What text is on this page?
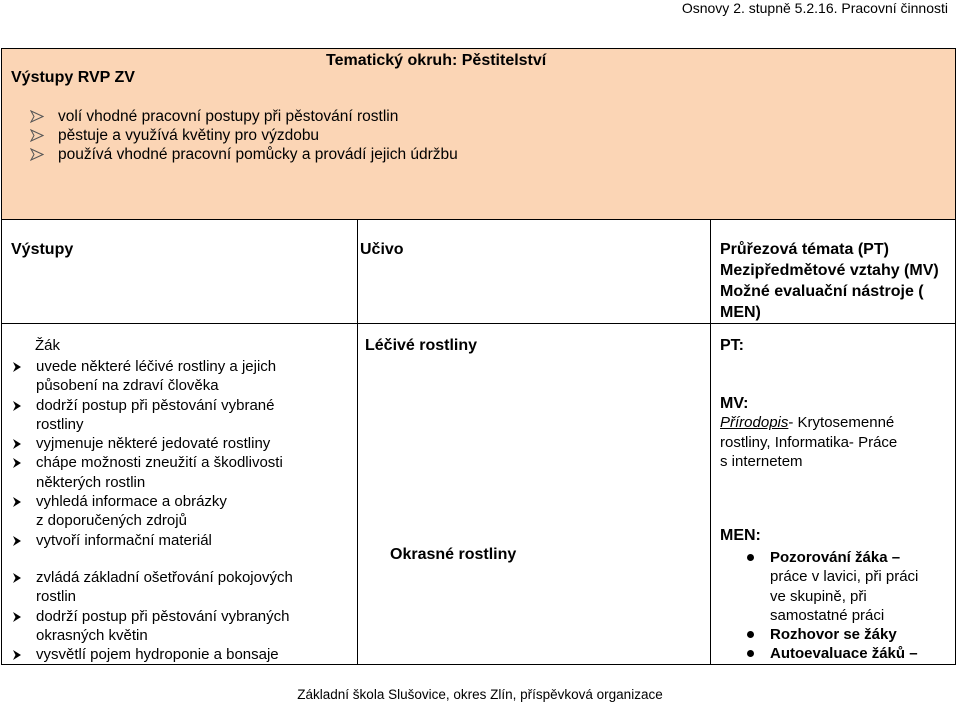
Osnovy 2. stupně 5.2.16. Pracovní činnosti
Výstupy RVP ZV
Tematický okruh: Pěstitelství
volí vhodné pracovní postupy při pěstování rostlin
pěstuje a využívá květiny pro výzdobu
používá vhodné pracovní pomůcky a provádí jejich údržbu
Výstupy	Učivo	Průřezová témata (PT)
Mezipředmětové vztahy (MV)
Možné evaluační nástroje (
MEN)
Žák
uvede některé léčivé rostliny a jejich
působení na zdraví člověka
dodrží postup při pěstování vybrané
rostliny
vyjmenuje některé jedovaté rostliny
chápe možnosti zneužití a škodlivosti
některých rostlin
vyhledá informace a obrázky
z doporučených zdrojů
vytvoří informační materiál
zvládá základní ošetřování pokojových
rostlin
dodrží postup při pěstování vybraných
okrasných květin
vysvětlí pojem hydroponie a bonsaje
Léčivé rostliny
Okrasné rostliny
PT:
MV:
Přírodopis- Krytosemenné
rostliny, Informatika- Práce
s internetem
MEN:
Pozorování žáka –
práce v lavici, při práci
ve skupině, při
samostatné práci
Rozhovor se žáky
Autoevaluace žáků –
Základní škola Slušovice, okres Zlín, příspěvková organizace
